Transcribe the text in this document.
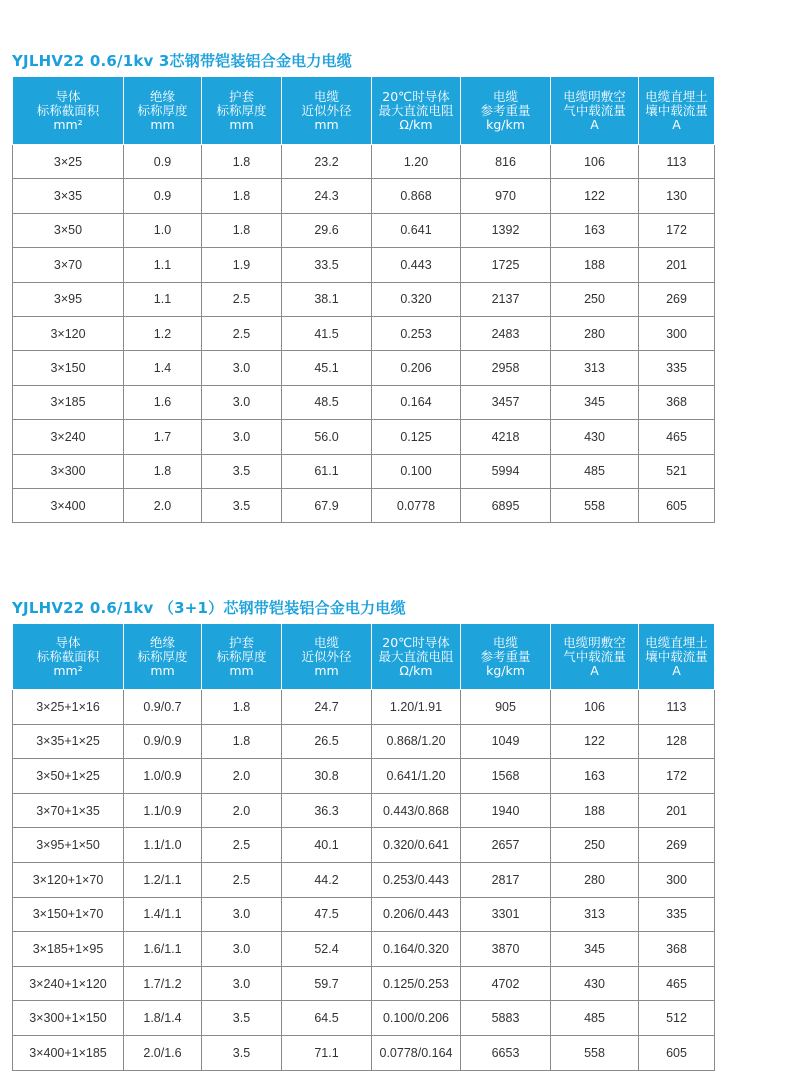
YJLHV22 0.6/1kv 3芯钢带铠装铝合金电力电缆
导体
标称截面积
mm²	绝缘
标称厚度
mm	护套
标称厚度
mm	电缆
近似外径
mm	20℃时导体
最大直流电阻
Ω/km	电缆
参考重量
kg/km	电缆明敷空
气中载流量
A	电缆直埋土
壤中载流量
A

3×25	0.9	1.8	23.2	1.20	816	106	113
3×35	0.9	1.8	24.3	0.868	970	122	130
3×50	1.0	1.8	29.6	0.641	1392	163	172
3×70	1.1	1.9	33.5	0.443	1725	188	201
3×95	1.1	2.5	38.1	0.320	2137	250	269
3×120	1.2	2.5	41.5	0.253	2483	280	300
3×150	1.4	3.0	45.1	0.206	2958	313	335
3×185	1.6	3.0	48.5	0.164	3457	345	368
3×240	1.7	3.0	56.0	0.125	4218	430	465
3×300	1.8	3.5	61.1	0.100	5994	485	521
3×400	2.0	3.5	67.9	0.0778	6895	558	605
YJLHV22 0.6/1kv （3+1）芯钢带铠装铝合金电力电缆
导体
标称截面积
mm²	绝缘
标称厚度
mm	护套
标称厚度
mm	电缆
近似外径
mm	20℃时导体
最大直流电阻
Ω/km	电缆
参考重量
kg/km	电缆明敷空
气中载流量
A	电缆直埋土
壤中载流量
A

3×25+1×16	0.9/0.7	1.8	24.7	1.20/1.91	905	106	113
3×35+1×25	0.9/0.9	1.8	26.5	0.868/1.20	1049	122	128
3×50+1×25	1.0/0.9	2.0	30.8	0.641/1.20	1568	163	172
3×70+1×35	1.1/0.9	2.0	36.3	0.443/0.868	1940	188	201
3×95+1×50	1.1/1.0	2.5	40.1	0.320/0.641	2657	250	269
3×120+1×70	1.2/1.1	2.5	44.2	0.253/0.443	2817	280	300
3×150+1×70	1.4/1.1	3.0	47.5	0.206/0.443	3301	313	335
3×185+1×95	1.6/1.1	3.0	52.4	0.164/0.320	3870	345	368
3×240+1×120	1.7/1.2	3.0	59.7	0.125/0.253	4702	430	465
3×300+1×150	1.8/1.4	3.5	64.5	0.100/0.206	5883	485	512
3×400+1×185	2.0/1.6	3.5	71.1	0.0778/0.164	6653	558	605
